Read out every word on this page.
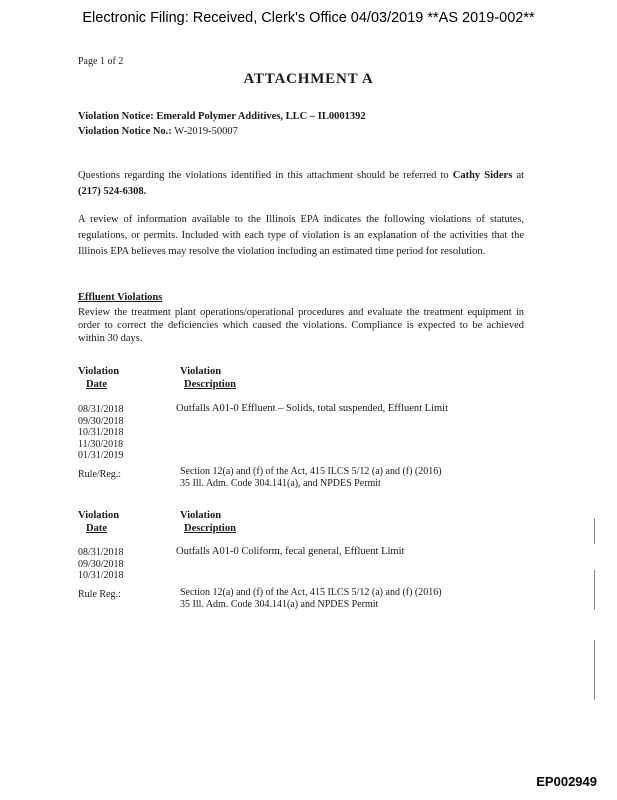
Electronic Filing: Received, Clerk's Office 04/03/2019 **AS 2019-002**
Page 1 of 2
ATTACHMENT A
Violation Notice: Emerald Polymer Additives, LLC – IL0001392
Violation Notice No.: W-2019-50007
Questions regarding the violations identified in this attachment should be referred to Cathy Siders at (217) 524-6308.
A review of information available to the Illinois EPA indicates the following violations of statutes, regulations, or permits. Included with each type of violation is an explanation of the activities that the Illinois EPA believes may resolve the violation including an estimated time period for resolution.
Effluent Violations
Review the treatment plant operations/operational procedures and evaluate the treatment equipment in order to correct the deficiencies which caused the violations. Compliance is expected to be achieved within 30 days.
Violation
Date
Violation
Description
08/31/2018
09/30/2018
10/31/2018
11/30/2018
01/31/2019
Outfalls A01-0 Effluent – Solids, total suspended, Effluent Limit
Rule/Reg.:	Section 12(a) and (f) of the Act, 415 ILCS 5/12 (a) and (f) (2016)
35 Ill. Adm. Code 304.141(a), and NPDES Permit
Violation
Date
Violation
Description
08/31/2018
09/30/2018
10/31/2018
Outfalls A01-0 Coliform, fecal general, Effluent Limit
Rule Reg.:	Section 12(a) and (f) of the Act, 415 ILCS 5/12 (a) and (f) (2016)
35 Ill. Adm. Code 304.141(a) and NPDES Permit
EP002949
